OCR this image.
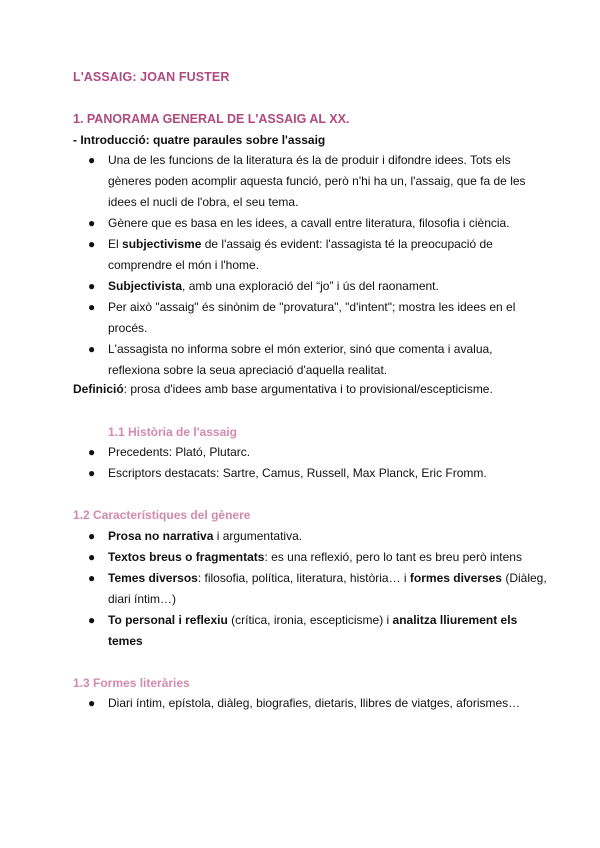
L'ASSAIG: JOAN FUSTER
1. PANORAMA GENERAL DE L'ASSAIG AL XX.
- Introducció: quatre paraules sobre l'assaig
● Una de les funcions de la literatura és la de produir i difondre idees. Tots els gèneres poden acomplir aquesta funció, però n'hi ha un, l'assaig, que fa de les idees el nucli de l'obra, el seu tema.
● Gènere que es basa en les idees, a cavall entre literatura, filosofia i ciència.
● El subjectivisme de l'assaig és evident: l'assagista té la preocupació de comprendre el món i l'home.
● Subjectivista, amb una exploració del “jo” i ús del raonament.
● Per això "assaig" és sinònim de "provatura", "d'intent"; mostra les idees en el procés.
● L'assagista no informa sobre el món exterior, sinó que comenta i avalua, reflexiona sobre la seua apreciació d'aquella realitat.
Definició: prosa d'idees amb base argumentativa i to provisional/escepticisme.
1.1 Història de l'assaig
● Precedents: Plató, Plutarc.
● Escriptors destacats: Sartre, Camus, Russell, Max Planck, Eric Fromm.
1.2 Característiques del gènere
● Prosa no narrativa i argumentativa.
● Textos breus o fragmentats: es una reflexió, pero lo tant es breu però intens
● Temes diversos: filosofia, política, literatura, història… i formes diverses (Diàleg, diari íntim…)
● To personal i reflexiu (crítica, ironia, escepticisme) i analitza lliurement els temes
1.3 Formes literàries
● Diari íntim, epístola, diàleg, biografies, dietaris, llibres de viatges, aforismes…
